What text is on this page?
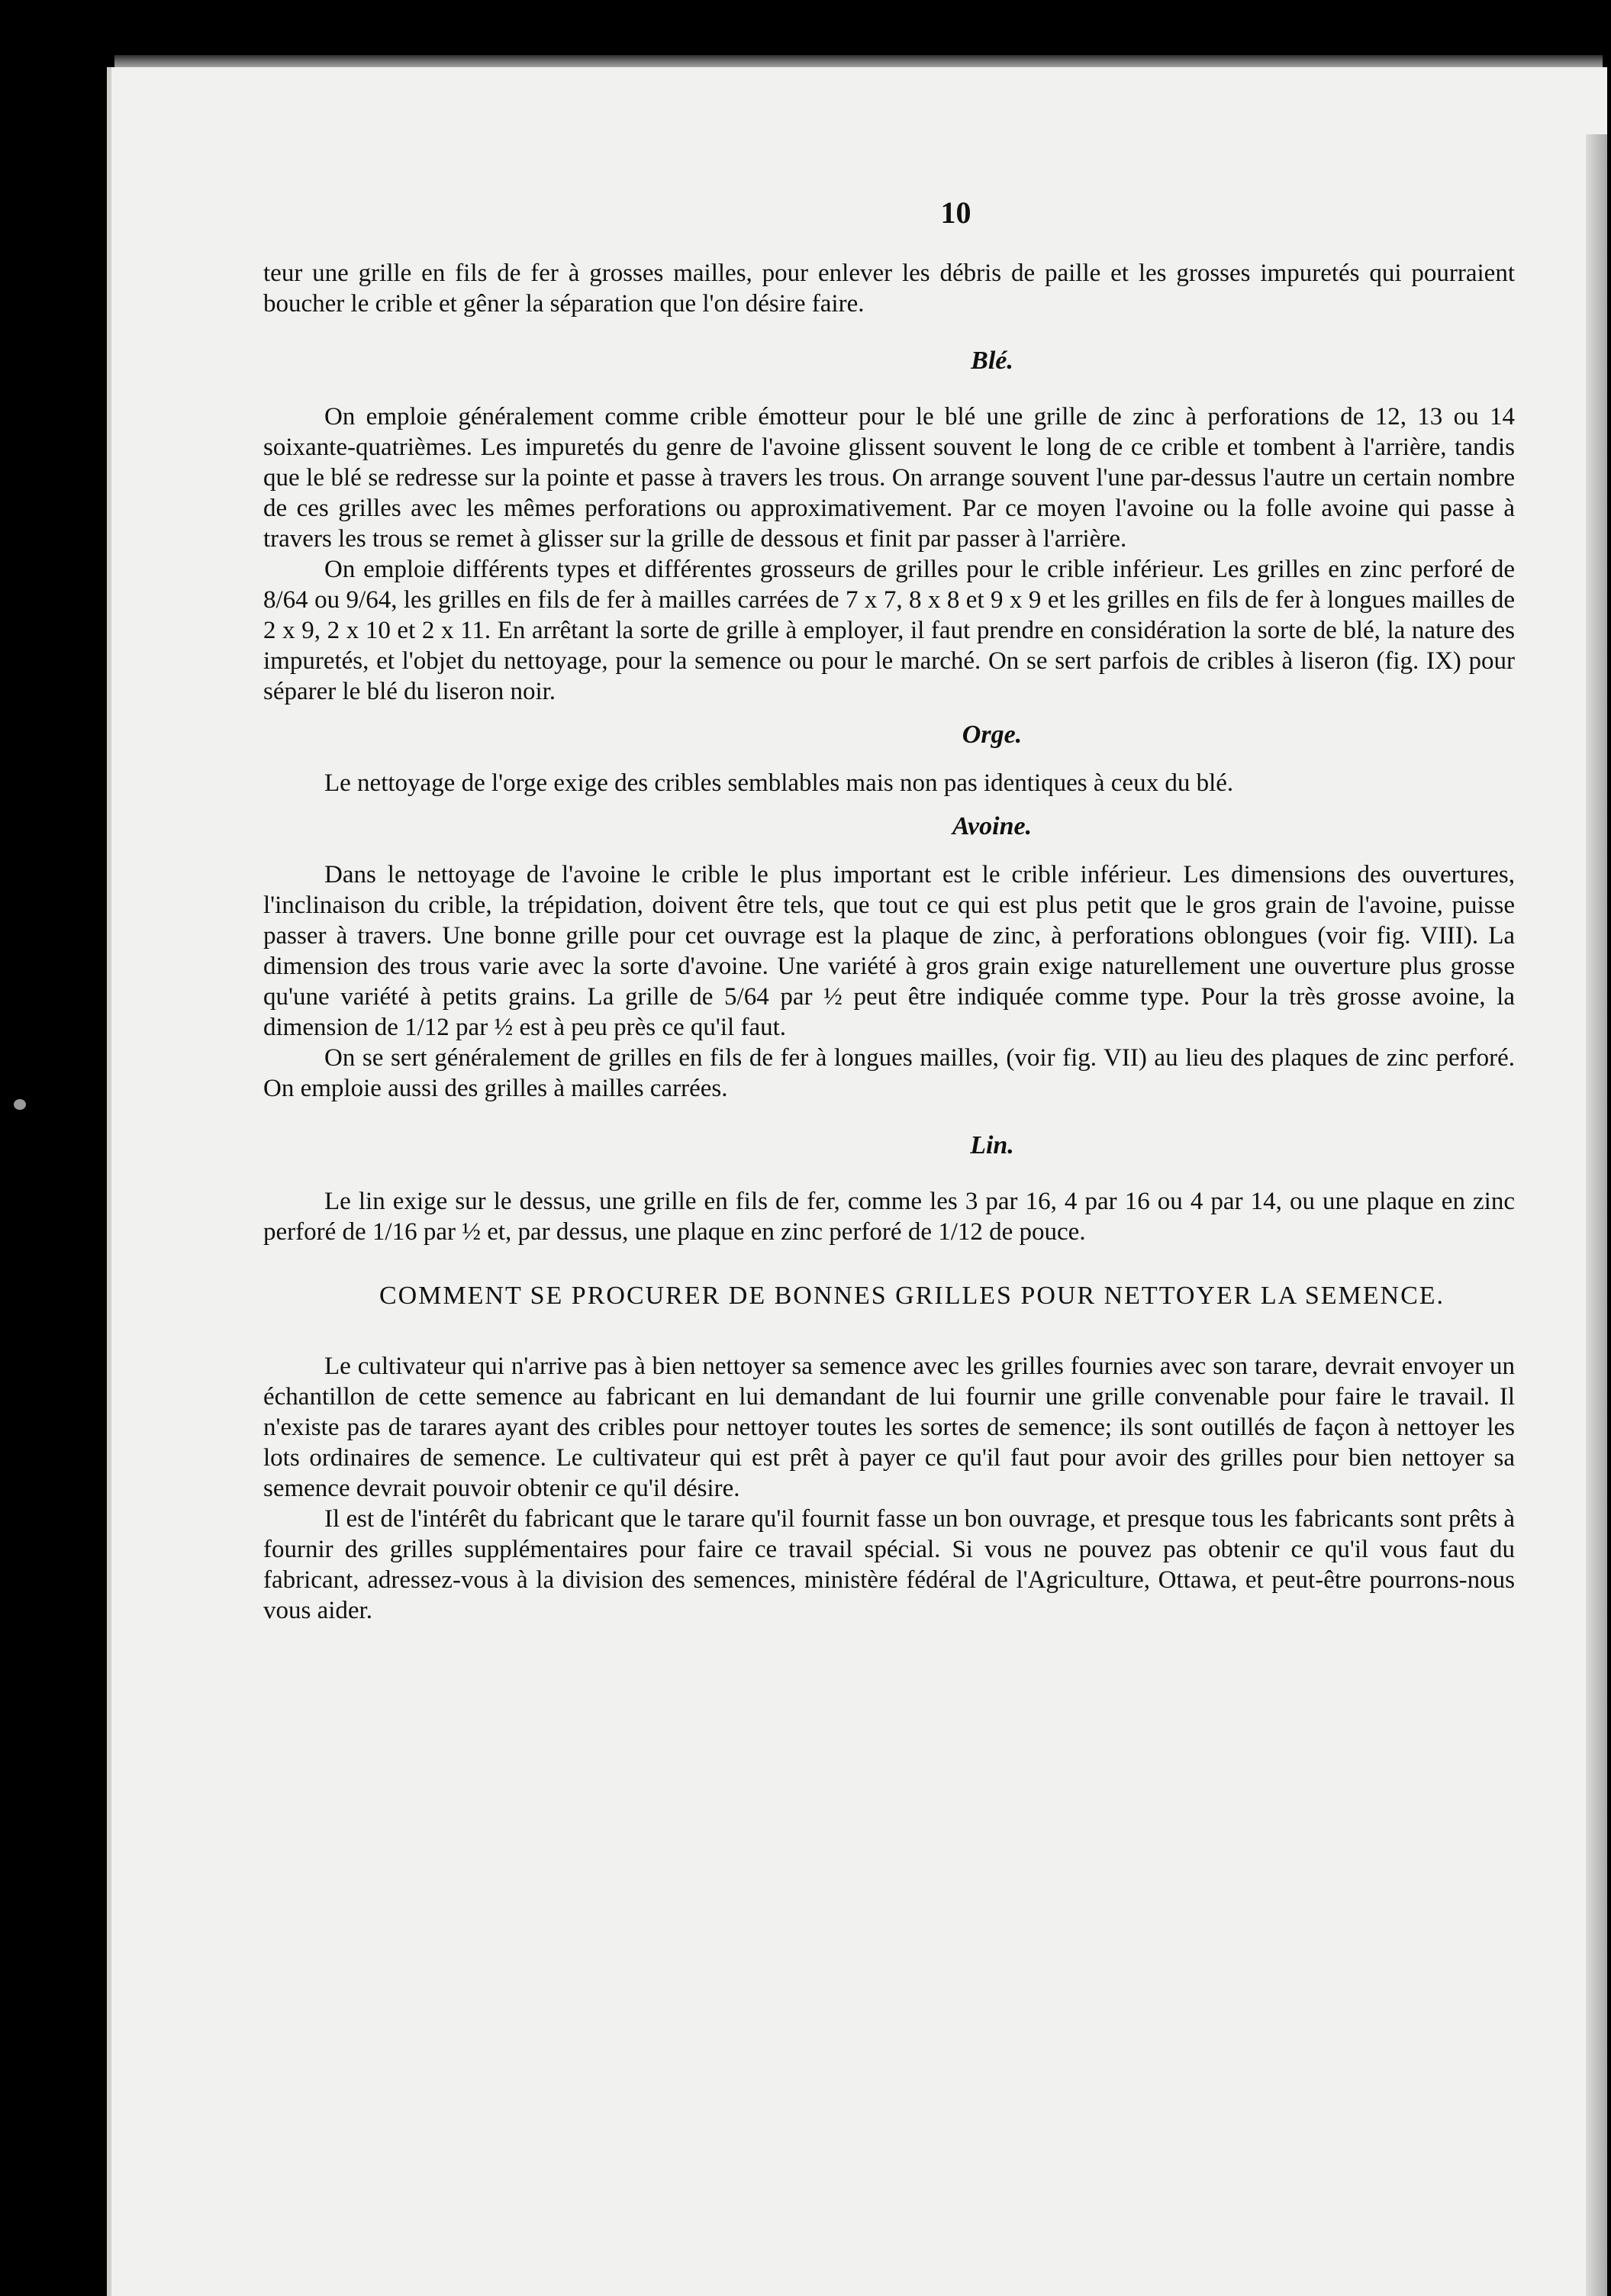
10

teur une grille en fils de fer à grosses mailles, pour enlever les débris de paille et les grosses impuretés qui pourraient boucher le crible et gêner la séparation que l'on désire faire.

Blé.

On emploie généralement comme crible émotteur pour le blé une grille de zinc à perforations de 12, 13 ou 14 soixante-quatrièmes. Les impuretés du genre de l'avoine glissent souvent le long de ce crible et tombent à l'arrière, tandis que le blé se redresse sur la pointe et passe à travers les trous. On arrange souvent l'une par-dessus l'autre un certain nombre de ces grilles avec les mêmes perforations ou approximativement. Par ce moyen l'avoine ou la folle avoine qui passe à travers les trous se remet à glisser sur la grille de dessous et finit par passer à l'arrière.

On emploie différents types et différentes grosseurs de grilles pour le crible inférieur. Les grilles en zinc perforé de 8/64 ou 9/64, les grilles en fils de fer à mailles carrées de 7 x 7, 8 x 8 et 9 x 9 et les grilles en fils de fer à longues mailles de 2 x 9, 2 x 10 et 2 x 11. En arrêtant la sorte de grille à employer, il faut prendre en considération la sorte de blé, la nature des impuretés, et l'objet du nettoyage, pour la semence ou pour le marché. On se sert parfois de cribles à liseron (fig. IX) pour séparer le blé du liseron noir.

Orge.

Le nettoyage de l'orge exige des cribles semblables mais non pas identiques à ceux du blé.

Avoine.

Dans le nettoyage de l'avoine le crible le plus important est le crible inférieur. Les dimensions des ouvertures, l'inclinaison du crible, la trépidation, doivent être tels, que tout ce qui est plus petit que le gros grain de l'avoine, puisse passer à travers. Une bonne grille pour cet ouvrage est la plaque de zinc, à perforations oblongues (voir fig. VIII). La dimension des trous varie avec la sorte d'avoine. Une variété à gros grain exige naturellement une ouverture plus grosse qu'une variété à petits grains. La grille de 5/64 par ½ peut être indiquée comme type. Pour la très grosse avoine, la dimension de 1/12 par ½ est à peu près ce qu'il faut.

On se sert généralement de grilles en fils de fer à longues mailles, (voir fig. VII) au lieu des plaques de zinc perforé. On emploie aussi des grilles à mailles carrées.

Lin.

Le lin exige sur le dessus, une grille en fils de fer, comme les 3 par 16, 4 par 16 ou 4 par 14, ou une plaque en zinc perforé de 1/16 par ½ et, par dessus, une plaque en zinc perforé de 1/12 de pouce.

COMMENT SE PROCURER DE BONNES GRILLES POUR NETTOYER LA SEMENCE.

Le cultivateur qui n'arrive pas à bien nettoyer sa semence avec les grilles fournies avec son tarare, devrait envoyer un échantillon de cette semence au fabricant en lui demandant de lui fournir une grille convenable pour faire le travail. Il n'existe pas de tarares ayant des cribles pour nettoyer toutes les sortes de semence; ils sont outillés de façon à nettoyer les lots ordinaires de semence. Le cultivateur qui est prêt à payer ce qu'il faut pour avoir des grilles pour bien nettoyer sa semence devrait pouvoir obtenir ce qu'il désire.

Il est de l'intérêt du fabricant que le tarare qu'il fournit fasse un bon ouvrage, et presque tous les fabricants sont prêts à fournir des grilles supplémentaires pour faire ce travail spécial. Si vous ne pouvez pas obtenir ce qu'il vous faut du fabricant, adressez-vous à la division des semences, ministère fédéral de l'Agriculture, Ottawa, et peut-être pourrons-nous vous aider.
